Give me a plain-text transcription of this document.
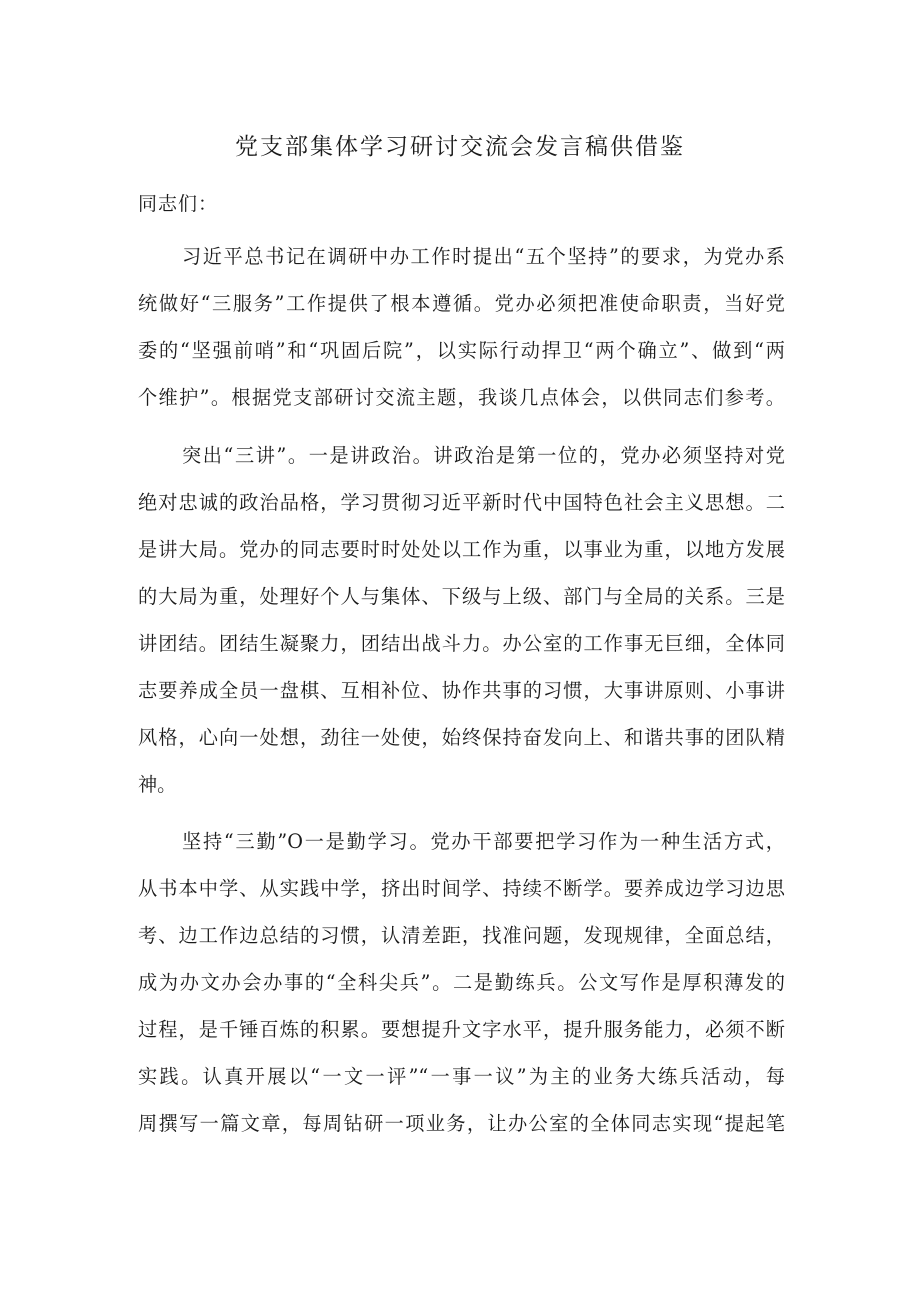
党支部集体学习研讨交流会发言稿供借鉴
同志们：
习近平总书记在调研中办工作时提出“五个坚持”的要求，为党办系
统做好“三服务”工作提供了根本遵循。党办必须把准使命职责，当好党
委的“坚强前哨”和“巩固后院”，以实际行动捍卫“两个确立”、做到“两
个维护”。根据党支部研讨交流主题，我谈几点体会，以供同志们参考。
突出“三讲”。一是讲政治。讲政治是第一位的，党办必须坚持对党
绝对忠诚的政治品格，学习贯彻习近平新时代中国特色社会主义思想。二
是讲大局。党办的同志要时时处处以工作为重，以事业为重，以地方发展
的大局为重，处理好个人与集体、下级与上级、部门与全局的关系。三是
讲团结。团结生凝聚力，团结出战斗力。办公室的工作事无巨细，全体同
志要养成全员一盘棋、互相补位、协作共事的习惯，大事讲原则、小事讲
风格，心向一处想，劲往一处使，始终保持奋发向上、和谐共事的团队精
神。
坚持“三勤”O一是勤学习。党办干部要把学习作为一种生活方式，
从书本中学、从实践中学，挤出时间学、持续不断学。要养成边学习边思
考、边工作边总结的习惯，认清差距，找准问题，发现规律，全面总结，
成为办文办会办事的“全科尖兵”。二是勤练兵。公文写作是厚积薄发的
过程，是千锤百炼的积累。要想提升文字水平，提升服务能力，必须不断
实践。认真开展以“一文一评”“一事一议”为主的业务大练兵活动，每
周撰写一篇文章，每周钻研一项业务，让办公室的全体同志实现“提起笔
